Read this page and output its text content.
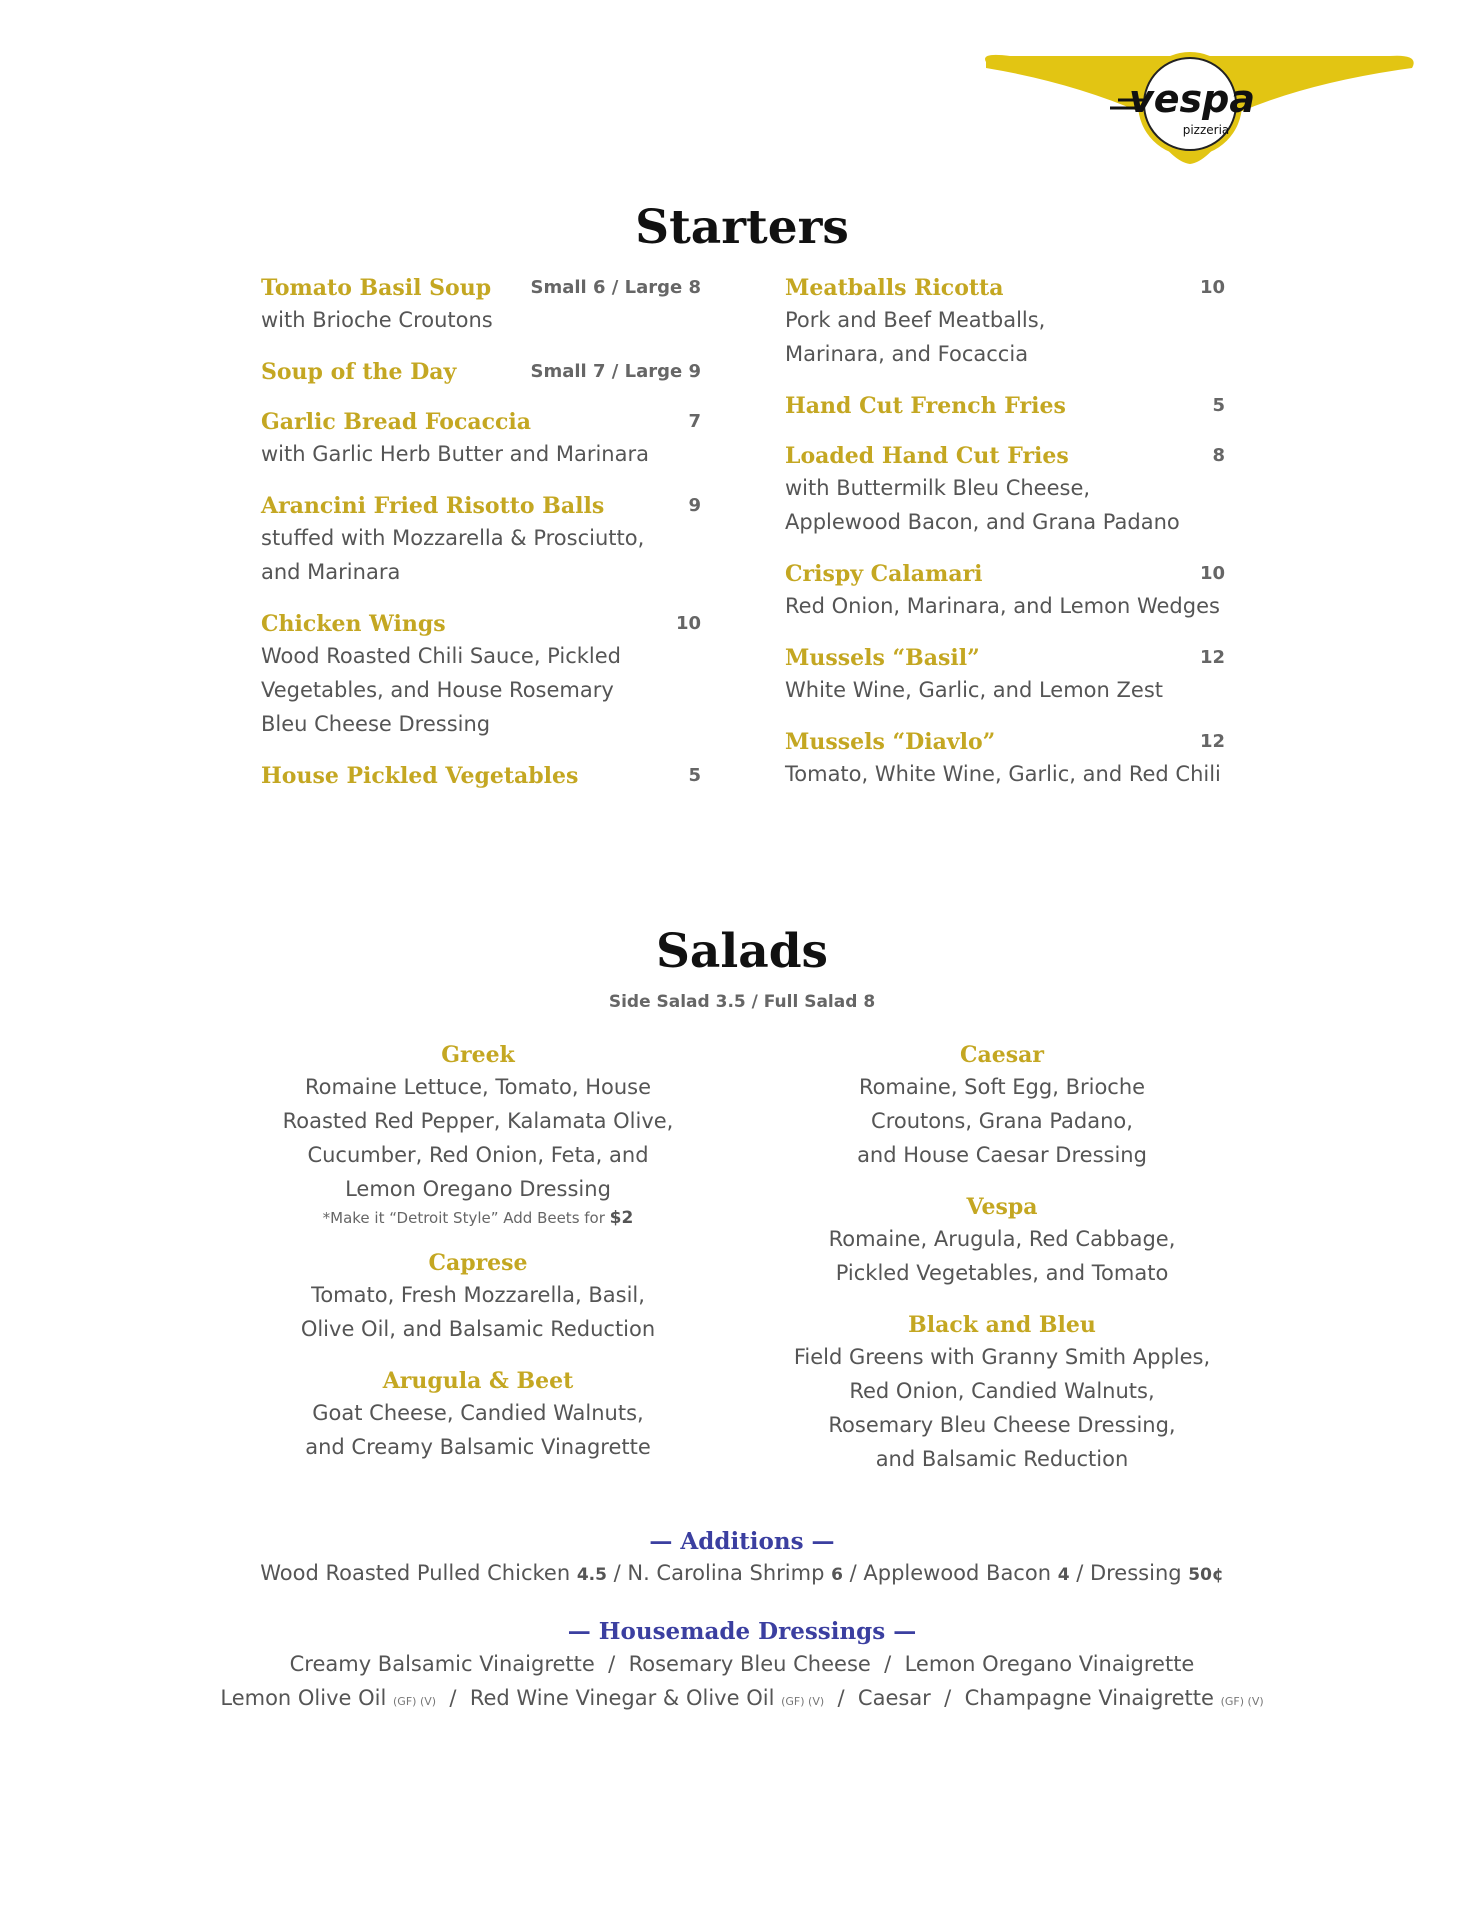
vespa
pizzeria
Starters
Tomato Basil Soup	Small 6 / Large 8
with Brioche Croutons
Soup of the Day	Small 7 / Large 9
Garlic Bread Focaccia	7
with Garlic Herb Butter and Marinara
Arancini Fried Risotto Balls	9
stuffed with Mozzarella & Prosciutto,
and Marinara
Chicken Wings	10
Wood Roasted Chili Sauce, Pickled
Vegetables, and House Rosemary
Bleu Cheese Dressing
House Pickled Vegetables	5
Meatballs Ricotta	10
Pork and Beef Meatballs,
Marinara, and Focaccia
Hand Cut French Fries	5
Loaded Hand Cut Fries	8
with Buttermilk Bleu Cheese,
Applewood Bacon, and Grana Padano
Crispy Calamari	10
Red Onion, Marinara, and Lemon Wedges
Mussels “Basil”	12
White Wine, Garlic, and Lemon Zest
Mussels “Diavlo”	12
Tomato, White Wine, Garlic, and Red Chili
Salads
Side Salad 3.5 / Full Salad 8
Greek
Romaine Lettuce, Tomato, House
Roasted Red Pepper, Kalamata Olive,
Cucumber, Red Onion, Feta, and
Lemon Oregano Dressing
*Make it “Detroit Style” Add Beets for $2
Caprese
Tomato, Fresh Mozzarella, Basil,
Olive Oil, and Balsamic Reduction
Arugula & Beet
Goat Cheese, Candied Walnuts,
and Creamy Balsamic Vinagrette
Caesar
Romaine, Soft Egg, Brioche
Croutons, Grana Padano,
and House Caesar Dressing
Vespa
Romaine, Arugula, Red Cabbage,
Pickled Vegetables, and Tomato
Black and Bleu
Field Greens with Granny Smith Apples,
Red Onion, Candied Walnuts,
Rosemary Bleu Cheese Dressing,
and Balsamic Reduction
— Additions —
Wood Roasted Pulled Chicken 4.5 / N. Carolina Shrimp 6 / Applewood Bacon 4 / Dressing 50¢
— Housemade Dressings —
Creamy Balsamic Vinaigrette  /  Rosemary Bleu Cheese  /  Lemon Oregano Vinaigrette
Lemon Olive Oil (GF) (V)  /  Red Wine Vinegar & Olive Oil (GF) (V)  /  Caesar  /  Champagne Vinaigrette (GF) (V)
